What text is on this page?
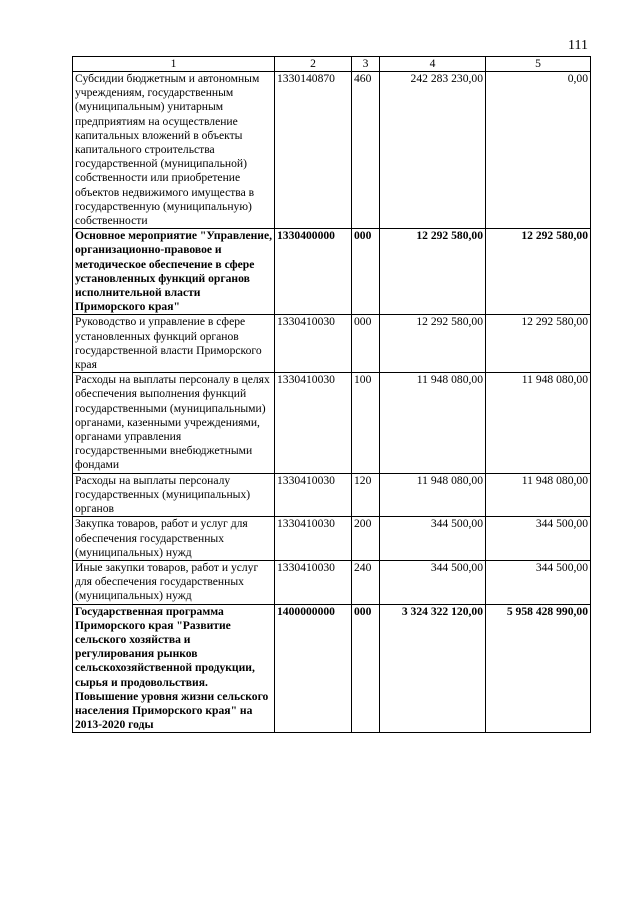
111
1	2	3	4	5
Субсидии бюджетным и автономным учреждениям, государственным (муниципальным) унитарным предприятиям на осуществление капитальных вложений в объекты капитального строительства государственной (муниципальной) собственности или приобретение объектов недвижимого имущества в государственную (муниципальную) собственности	1330140870	460	242 283 230,00	0,00
Основное мероприятие "Управление, организационно-правовое и методическое обеспечение в сфере установленных функций органов исполнительной власти Приморского края"	1330400000	000	12 292 580,00	12 292 580,00
Руководство и управление в сфере установленных функций органов государственной власти Приморского края	1330410030	000	12 292 580,00	12 292 580,00
Расходы на выплаты персоналу в целях обеспечения выполнения функций государственными (муниципальными) органами, казенными учреждениями, органами управления государственными внебюджетными фондами	1330410030	100	11 948 080,00	11 948 080,00
Расходы на выплаты персоналу государственных (муниципальных) органов	1330410030	120	11 948 080,00	11 948 080,00
Закупка товаров, работ и услуг для обеспечения государственных (муниципальных) нужд	1330410030	200	344 500,00	344 500,00
Иные закупки товаров, работ и услуг для обеспечения государственных (муниципальных) нужд	1330410030	240	344 500,00	344 500,00
Государственная программа Приморского края "Развитие сельского хозяйства и регулирования рынков сельскохозяйственной продукции, сырья и продовольствия. Повышение уровня жизни сельского населения Приморского края" на 2013-2020 годы	1400000000	000	3 324 322 120,00	5 958 428 990,00
